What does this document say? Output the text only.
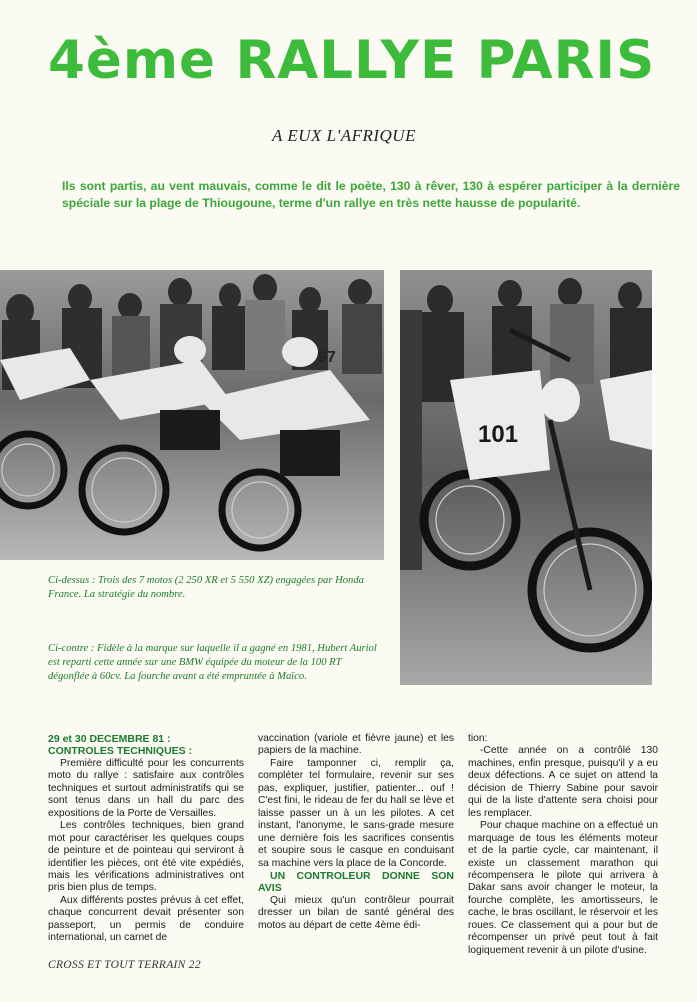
4ème RALLYE PARIS
A EUX L'AFRIQUE
Ils sont partis, au vent mauvais, comme le dit le poète, 130 à rêver, 130 à espérer participer à la dernière spéciale sur la plage de Thiougoune, terme d'un rallye en très nette hausse de popularité.
97
101
Ci-dessus : Trois des 7 motos (2 250 XR et 5 550 XZ) engagées par Honda France. La stratégie du nombre.
Ci-contre : Fidèle à la marque sur laquelle il a gagné en 1981, Hubert Auriol est reparti cette année sur une BMW équipée du moteur de la 100 RT dégonflée à 60cv. La fourche avant a été empruntée à Maïco.

29 et 30 DECEMBRE 81 :

CONTROLES TECHNIQUES :

Première difficulté pour les concurrents moto du rallye : satisfaire aux contrôles techniques et surtout administratifs qui se sont tenus dans un hall du parc des expositions de la Porte de Versailles.

Les contrôles techniques, bien grand mot pour caractériser les quelques coups de peinture et de pointeau qui serviront à identifier les pièces, ont été vite expédiés, mais les vérifications administratives ont pris bien plus de temps.

Aux différents postes prévus à cet effet, chaque concurrent devait présenter son passeport, un permis de conduire international, un carnet de

vaccination (variole et fièvre jaune) et les papiers de la machine.

Faire tamponner ci, remplir ça, compléter tel formulaire, revenir sur ses pas, expliquer, justifier, patienter... ouf ! C'est fini, le rideau de fer du hall se lève et laisse passer un à un les pilotes. A cet instant, l'anonyme, le sans-grade mesure une dernière fois les sacrifices consentis et soupire sous le casque en conduisant sa machine vers la place de la Concorde.

UN CONTROLEUR DONNE SON AVIS

Qui mieux qu'un contrôleur pourrait dresser un bilan de santé général des motos au départ de cette 4ème édi-

tion:

-Cette année on a contrôlé 130 machines, enfin presque, puisqu'il y a eu deux défections. A ce sujet on attend la décision de Thierry Sabine pour savoir qui de la liste d'attente sera choisi pour les remplacer.

Pour chaque machine on a effectué un marquage de tous les éléments moteur et de la partie cycle, car maintenant, il existe un classement marathon qui récompensera le pilote qui arrivera à Dakar sans avoir changer le moteur, la fourche complète, les amortisseurs, le cache, le bras oscillant, le réservoir et les roues. Ce classement qui a pour but de récompenser un privé peut tout à fait logiquement revenir à un pilote d'usine.

CROSS ET TOUT TERRAIN 22
